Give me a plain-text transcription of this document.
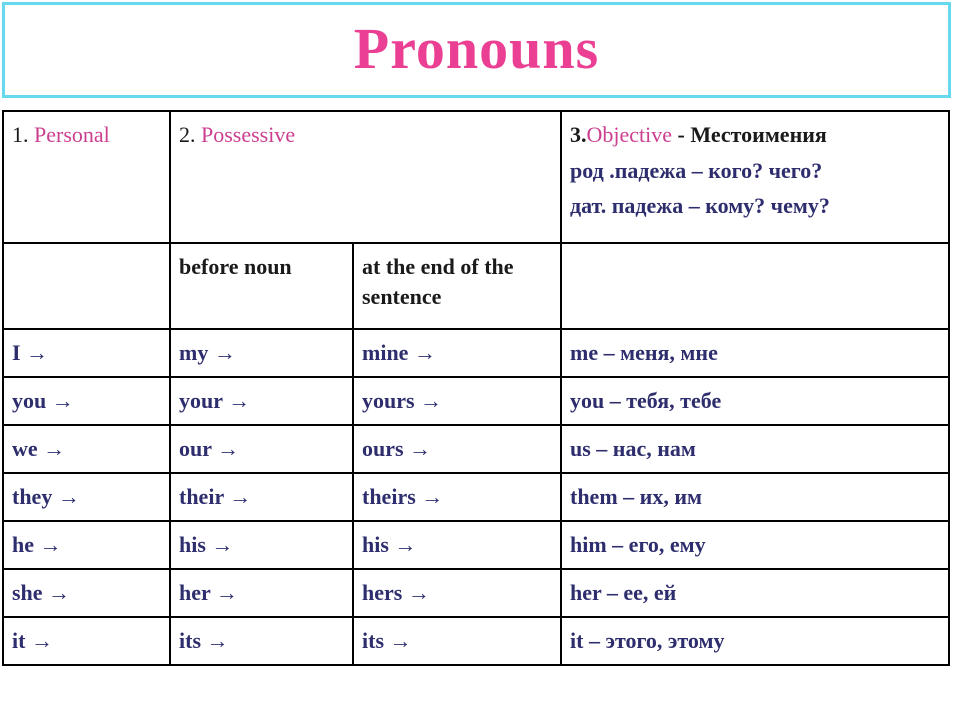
Pronouns
1. Personal	2. Possessive		3.Objective - Местоимения
род .падежа – кого? чего?
дат. падежа – кому? чему?

	before noun	at the end of the sentence	
I →	my →	mine →	me – меня, мне
you →	your →	yours →	you – тебя, тебе
we →	our →	ours →	us – нас, нам
they →	their →	theirs →	them – их, им
he →	his →	his →	him – его, ему
she →	her →	hers →	her – ее, ей
it →	its →	its →	it – этого, этому
